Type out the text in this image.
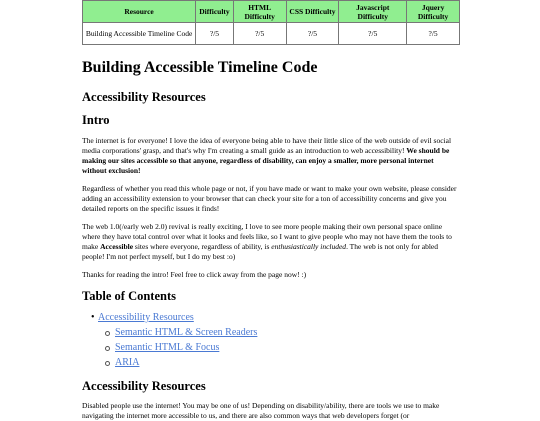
Resource	Difficulty	HTML Difficulty	CSS Difficulty	Javascript Difficulty	Jquery Difficulty
Building Accessible Timeline Code	?/5	?/5	?/5	?/5	?/5
Building Accessible Timeline Code
Accessibility Resources
Intro

The internet is for everyone! I love the idea of everyone being able to have their little slice of the web outside of evil social media corporations' grasp, and that's why I'm creating a small guide as an introduction to web accessibility! We should be making our sites accessible so that anyone, regardless of disability, can enjoy a smaller, more personal internet without exclusion!

Regardless of whether you read this whole page or not, if you have made or want to make your own website, please consider adding an accessibility extension to your browser that can check your site for a ton of accessibility concerns and give you detailed reports on the specific issues it finds!

The web 1.0(/early web 2.0) revival is really exciting, I love to see more people making their own personal space online where they have total control over what it looks and feels like, so I want to give people who may not have them the tools to make Accessible sites where everyone, regardless of ability, is enthusiastically included. The web is not only for abled people! I'm not perfect myself, but I do my best :o)

Thanks for reading the intro! Feel free to click away from the page now! :)

Table of Contents
• Accessibility Resources
Semantic HTML & Screen Readers
Semantic HTML & Focus
ARIA
Accessibility Resources

Disabled people use the internet! You may be one of us! Depending on disability/ability, there are tools we use to make navigating the internet more accessible to us, and there are also common ways that web developers forget (or
